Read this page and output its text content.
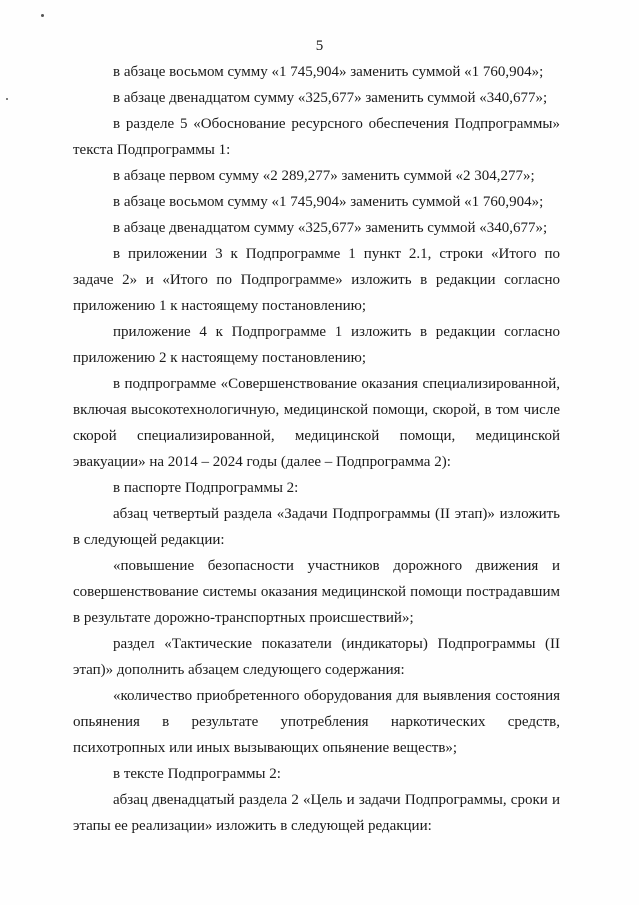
5

в абзаце восьмом сумму «1 745,904» заменить суммой «1 760,904»;

в абзаце двенадцатом сумму «325,677» заменить суммой «340,677»;

в разделе 5 «Обоснование ресурсного обеспечения Подпрограммы» текста Подпрограммы 1:

в абзаце первом сумму «2 289,277» заменить суммой «2 304,277»;

в абзаце восьмом сумму «1 745,904» заменить суммой «1 760,904»;

в абзаце двенадцатом сумму «325,677» заменить суммой «340,677»;

в приложении 3 к Подпрограмме 1 пункт 2.1, строки «Итого по задаче 2» и «Итого по Подпрограмме» изложить в редакции согласно приложению 1 к настоящему постановлению;

приложение 4 к Подпрограмме 1 изложить в редакции согласно приложению 2 к настоящему постановлению;

в подпрограмме «Совершенствование оказания специализированной, включая высокотехнологичную, медицинской помощи, скорой, в том числе скорой специализированной, медицинской помощи, медицинской эвакуации» на 2014 – 2024 годы (далее – Подпрограмма 2):

в паспорте Подпрограммы 2:

абзац четвертый раздела «Задачи Подпрограммы (II этап)» изложить в следующей редакции:

«повышение безопасности участников дорожного движения и совершенствование системы оказания медицинской помощи пострадавшим в результате дорожно-транспортных происшествий»;

раздел «Тактические показатели (индикаторы) Подпрограммы (II этап)» дополнить абзацем следующего содержания:

«количество приобретенного оборудования для выявления состояния опьянения в результате употребления наркотических средств, психотропных или иных вызывающих опьянение веществ»;

в тексте Подпрограммы 2:

абзац двенадцатый раздела 2 «Цель и задачи Подпрограммы, сроки и этапы ее реализации» изложить в следующей редакции:
